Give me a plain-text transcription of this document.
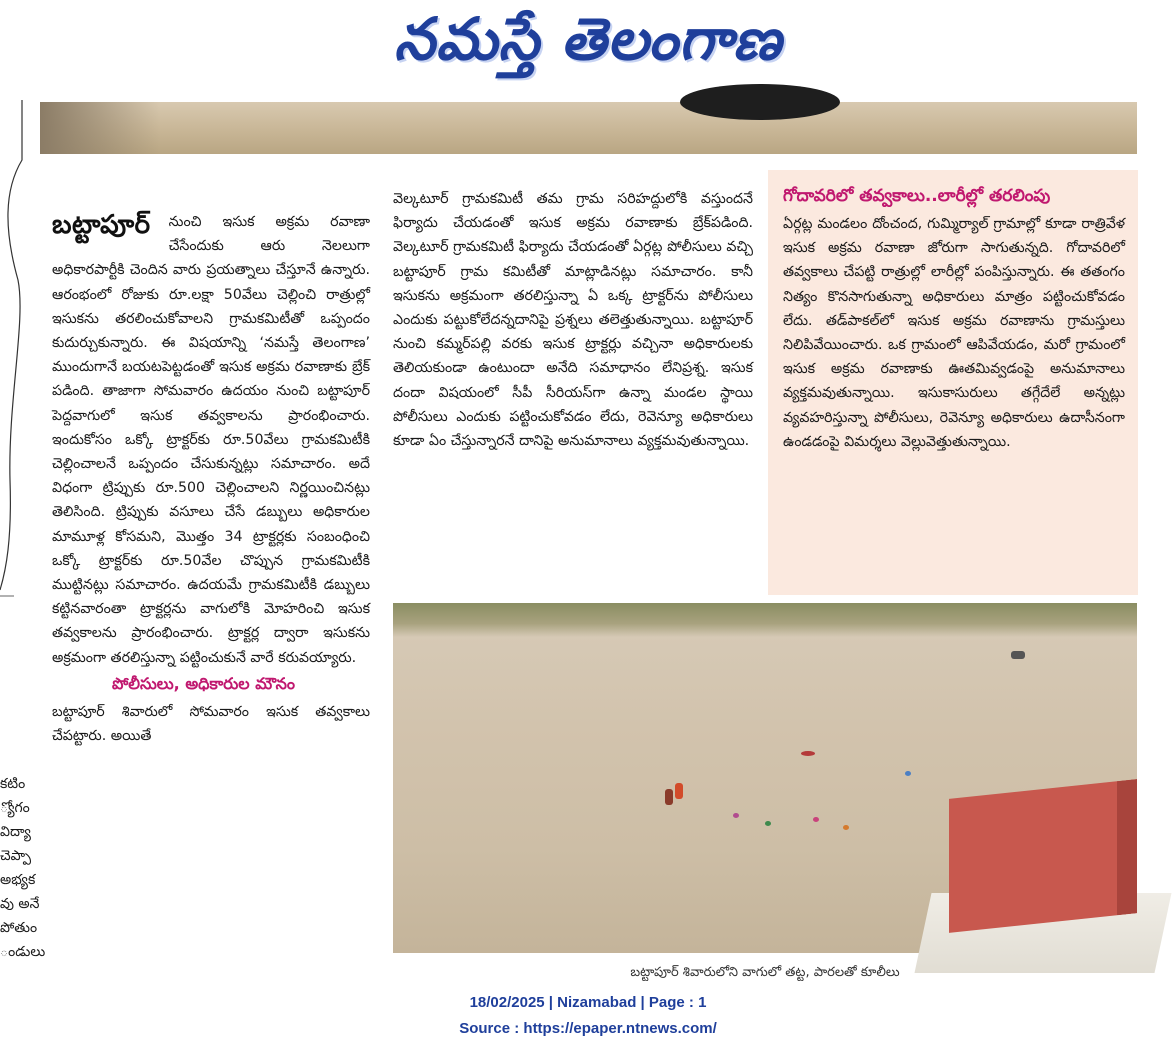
నమస్తే తెలంగాణ
కటిం
్యోగం
విద్యా
చెప్పా
అభ్యక
వు అనే
పోతుం
ండులు
బట్టాపూర్ నుంచి ఇసుక అక్రమ రవాణా చేసేందుకు ఆరు నెలలుగా అధికారపార్టీకి చెందిన వారు ప్రయత్నాలు చేస్తూనే ఉన్నారు. ఆరంభంలో రోజుకు రూ.లక్షా 50వేలు చెల్లించి రాత్రుల్లో ఇసుకను తరలించుకోవాలని గ్రామకమిటీతో ఒప్పందం కుదుర్చుకున్నారు. ఈ విషయాన్ని ‘నమస్తే తెలంగాణ’ ముందుగానే బయటపెట్టడంతో ఇసుక అక్రమ రవాణాకు బ్రేక్ పడింది. తాజాగా సోమవారం ఉదయం నుంచి బట్టాపూర్ పెద్దవాగులో ఇసుక తవ్వకాలను ప్రారంభించారు. ఇందుకోసం ఒక్కో ట్రాక్టర్‌కు రూ.50వేలు గ్రామకమిటీకి చెల్లించాలనే ఒప్పందం చేసుకున్నట్లు సమాచారం. అదే విధంగా ట్రిప్పుకు రూ.500 చెల్లించాలని నిర్ణయించినట్లు తెలిసింది. ట్రిప్పుకు వసూలు చేసే డబ్బులు అధికారుల మామూళ్ల కోసమని, మొత్తం 34 ట్రాక్టర్లకు సంబంధించి ఒక్కో ట్రాక్టర్‌కు రూ.50వేల చొప్పున గ్రామకమిటీకి ముట్టినట్లు సమాచారం. ఉదయమే గ్రామకమిటీకి డబ్బులు కట్టినవారంతా ట్రాక్టర్లను వాగులోకి మోహరించి ఇసుక తవ్వకాలను ప్రారంభించారు. ట్రాక్టర్ల ద్వారా ఇసుకను అక్రమంగా తరలిస్తున్నా పట్టించుకునే వారే కరువయ్యారు.
పోలీసులు, అధికారుల మౌనం
బట్టాపూర్ శివారులో సోమవారం ఇసుక తవ్వకాలు చేపట్టారు. అయితే
వెల్కటూర్ గ్రామకమిటీ తమ గ్రామ సరిహద్దులోకి వస్తుందనే ఫిర్యాదు చేయడంతో ఇసుక అక్రమ రవాణాకు బ్రేక్‌పడింది. వెల్కటూర్ గ్రామకమిటీ ఫిర్యాదు చేయడంతో ఏర్గట్ల పోలీసులు వచ్చి బట్టాపూర్ గ్రామ కమిటీతో మాట్లాడినట్లు సమాచారం. కానీ ఇసుకను అక్రమంగా తరలిస్తున్నా ఏ ఒక్క ట్రాక్టర్‌ను పోలీసులు ఎందుకు పట్టుకోలేదన్నదానిపై ప్రశ్నలు తలెత్తుతున్నాయి. బట్టాపూర్ నుంచి కమ్మర్‌పల్లి వరకు ఇసుక ట్రాక్టర్లు వచ్చినా అధికారులకు తెలియకుండా ఉంటుందా అనేది సమాధానం లేనిప్రశ్న. ఇసుక దందా విషయంలో సీపీ సీరియస్‌గా ఉన్నా మండల స్థాయి పోలీసులు ఎందుకు పట్టించుకోవడం లేదు, రెవెన్యూ అధికారులు కూడా ఏం చేస్తున్నారనే దానిపై అనుమానాలు వ్యక్తమవుతున్నాయి.
గోదావరిలో తవ్వకాలు..లారీల్లో తరలింపు
ఏర్గట్ల మండలం దోంచంద, గుమ్మిర్యాల్ గ్రామాల్లో కూడా రాత్రివేళ ఇసుక అక్రమ రవాణా జోరుగా సాగుతున్నది. గోదావరిలో తవ్వకాలు చేపట్టి రాత్రుల్లో లారీల్లో పంపిస్తున్నారు. ఈ తతంగం నిత్యం కొనసాగుతున్నా అధికారులు మాత్రం పట్టించుకోవడం లేదు. తడ్‌పాకల్‌లో ఇసుక అక్రమ రవాణాను గ్రామస్తులు నిలిపివేయించారు. ఒక గ్రామంలో ఆపివేయడం, మరో గ్రామంలో ఇసుక అక్రమ రవాణాకు ఊతమివ్వడంపై అనుమానాలు వ్యక్తమవుతున్నాయి. ఇసుకాసురులు తగ్గేదేలే అన్నట్లు వ్యవహరిస్తున్నా పోలీసులు, రెవెన్యూ అధికారులు ఉదాసీనంగా ఉండడంపై విమర్శలు వెల్లువెత్తుతున్నాయి.
బట్టాపూర్ శివారులోని వాగులో తట్ట, పారలతో కూలీలు
18/02/2025 | Nizamabad | Page : 1
Source : https://epaper.ntnews.com/
